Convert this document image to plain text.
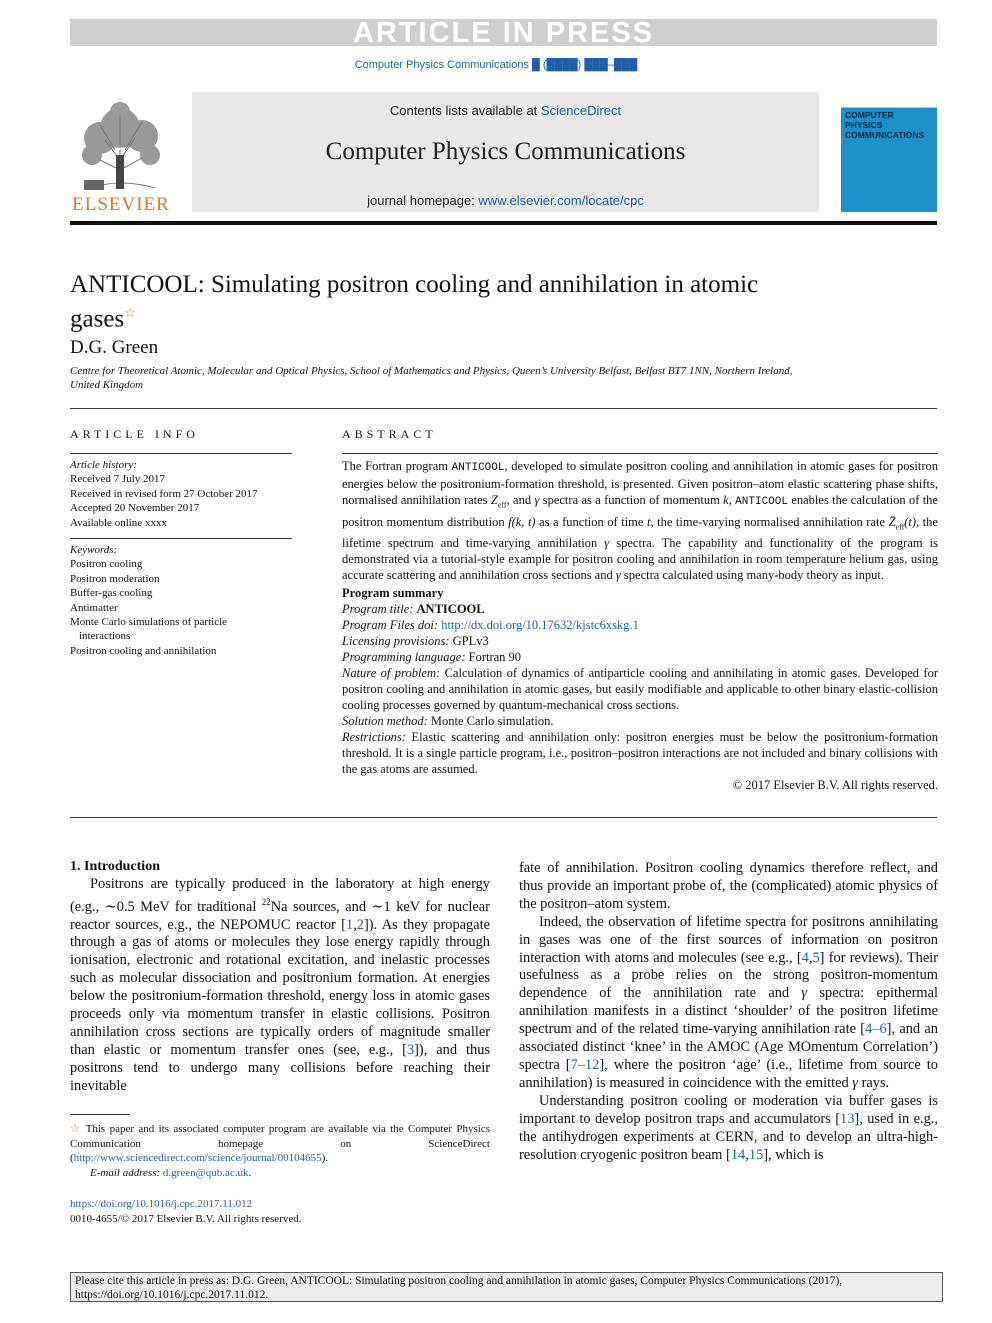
ARTICLE IN PRESS
Computer Physics Communications █ (████) ███–███
ELSEVIER
Contents lists available at ScienceDirect
Computer Physics Communications
journal homepage: www.elsevier.com/locate/cpc
COMPUTER PHYSICS COMMUNICATIONS
ANTICOOL: Simulating positron cooling and annihilation in atomic gases☆
D.G. Green
Centre for Theoretical Atomic, Molecular and Optical Physics, School of Mathematics and Physics, Queen’s University Belfast, Belfast BT7 1NN, Northern Ireland, United Kingdom
ARTICLE INFO
Article history:
Received 7 July 2017
Received in revised form 27 October 2017
Accepted 20 November 2017
Available online xxxx
Keywords:
Positron cooling
Positron moderation
Buffer-gas cooling
Antimatter
Monte Carlo simulations of particle
interactions
Positron cooling and annihilation
ABSTRACT

The Fortran program ANTICOOL, developed to simulate positron cooling and annihilation in atomic gases for positron energies below the positronium-formation threshold, is presented. Given positron–atom elastic scattering phase shifts, normalised annihilation rates $Z_{eff}$, and γ spectra as a function of momentum k, ANTICOOL enables the calculation of the positron momentum distribution f(k, t) as a function of time t, the time-varying normalised annihilation rate $Z̄_{eff}(t)$, the lifetime spectrum and time-varying annihilation γ spectra. The capability and functionality of the program is demonstrated via a tutorial-style example for positron cooling and annihilation in room temperature helium gas, using accurate scattering and annihilation cross sections and γ spectra calculated using many-body theory as input.

Program summary

Program title: ANTICOOL

Program Files doi: http://dx.doi.org/10.17632/kjstc6xskg.1

Licensing provisions: GPLv3

Programming language: Fortran 90

Nature of problem: Calculation of dynamics of antiparticle cooling and annihilating in atomic gases. Developed for positron cooling and annihilation in atomic gases, but easily modifiable and applicable to other binary elastic-collision cooling processes governed by quantum-mechanical cross sections.

Solution method: Monte Carlo simulation.

Restrictions: Elastic scattering and annihilation only: positron energies must be below the positronium-formation threshold. It is a single particle program, i.e., positron–positron interactions are not included and binary collisions with the gas atoms are assumed.

© 2017 Elsevier B.V. All rights reserved.

1. Introduction

Positrons are typically produced in the laboratory at high energy (e.g., ∼0.5 MeV for traditional $^{22}$Na sources, and ∼1 keV for nuclear reactor sources, e.g., the NEPOMUC reactor [1,2]). As they propagate through a gas of atoms or molecules they lose energy rapidly through ionisation, electronic and rotational excitation, and inelastic processes such as molecular dissociation and positronium formation. At energies below the positronium-formation threshold, energy loss in atomic gases proceeds only via momentum transfer in elastic collisions. Positron annihilation cross sections are typically orders of magnitude smaller than elastic or momentum transfer ones (see, e.g., [3]), and thus positrons tend to undergo many collisions before reaching their inevitable

fate of annihilation. Positron cooling dynamics therefore reflect, and thus provide an important probe of, the (complicated) atomic physics of the positron–atom system.

Indeed, the observation of lifetime spectra for positrons annihilating in gases was one of the first sources of information on positron interaction with atoms and molecules (see e.g., [4,5] for reviews). Their usefulness as a probe relies on the strong positron-momentum dependence of the annihilation rate and γ spectra: epithermal annihilation manifests in a distinct ‘shoulder’ of the positron lifetime spectrum and of the related time-varying annihilation rate [4–6], and an associated distinct ‘knee’ in the AMOC (Age MOmentum Correlation’) spectra [7–12], where the positron ‘age’ (i.e., lifetime from source to annihilation) is measured in coincidence with the emitted γ rays.

Understanding positron cooling or moderation via buffer gases is important to develop positron traps and accumulators [13], used in e.g., the antihydrogen experiments at CERN, and to develop an ultra-high-resolution cryogenic positron beam [14,15], which is

☆ This paper and its associated computer program are available via the Computer Physics Communication homepage on ScienceDirect (http://www.sciencedirect.com/science/journal/00104655).

E-mail address: d.green@qub.ac.uk.

https://doi.org/10.1016/j.cpc.2017.11.012
0010-4655/© 2017 Elsevier B.V. All rights reserved.
Please cite this article in press as: D.G. Green, ANTICOOL: Simulating positron cooling and annihilation in atomic gases, Computer Physics Communications (2017), https://doi.org/10.1016/j.cpc.2017.11.012.
